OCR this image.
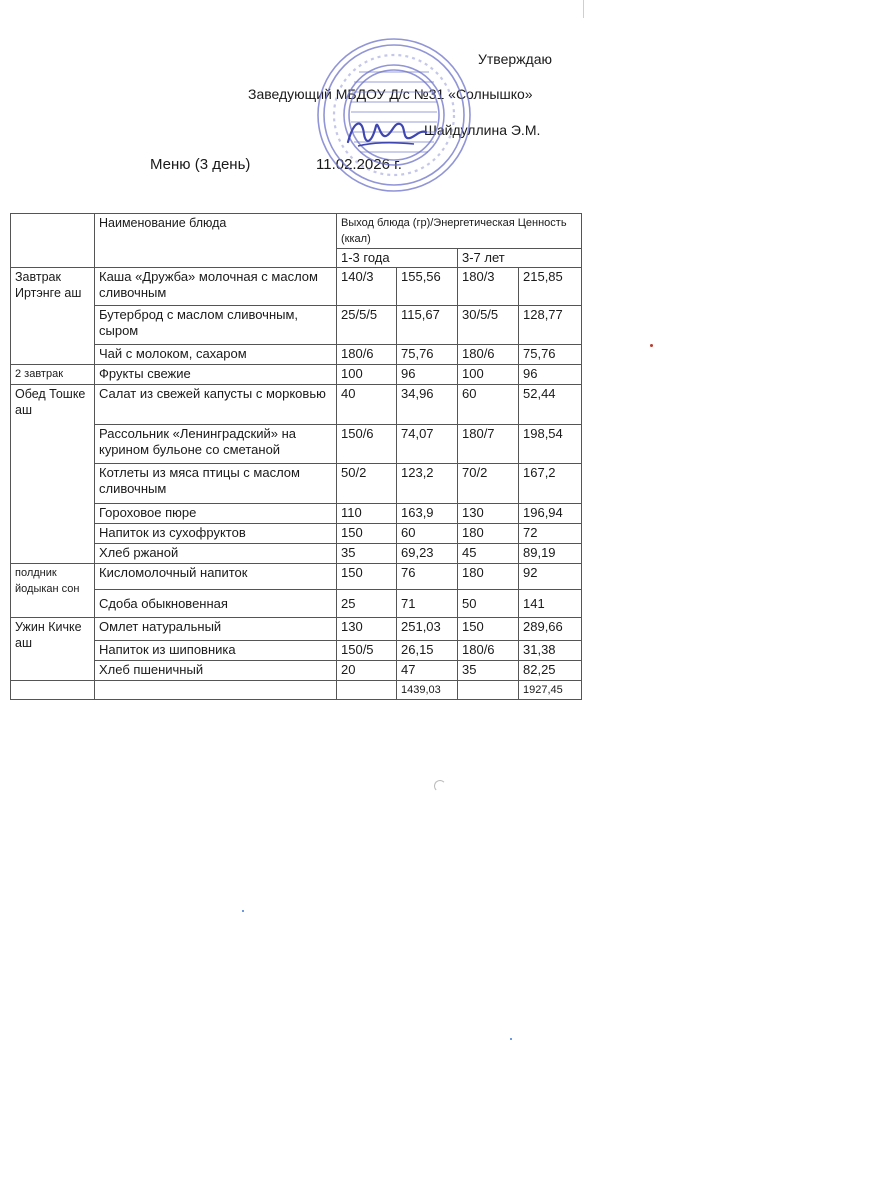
Утверждаю
Заведующий МБДОУ Д/с №31 «Солнышко»
Шайдуллина Э.М.
Меню (3 день)	11.02.2026 г.
	Наименование блюда	Выход блюда (гр)/Энергетическая Ценность (ккал)			
		1-3 года		3-7 лет	
Завтрак Иртэнге аш	Каша «Дружба» молочная с маслом сливочным	140/3	155,56	180/3	215,85
	Бутерброд с маслом сливочным, сыром	25/5/5	115,67	30/5/5	128,77
	Чай с молоком, сахаром	180/6	75,76	180/6	75,76
2 завтрак	Фрукты свежие	100	96	100	96
Обед Тошке аш	Салат из свежей капусты с морковью	40	34,96	60	52,44
	Рассольник «Ленинградский» на курином бульоне со сметаной	150/6	74,07	180/7	198,54
	Котлеты из мяса птицы с маслом сливочным	50/2	123,2	70/2	167,2
	Гороховое пюре	110	163,9	130	196,94
	Напиток из сухофруктов	150	60	180	72
	Хлеб ржаной	35	69,23	45	89,19
полдник йодыкан сон	Кисломолочный напиток	150	76	180	92
	Сдоба обыкновенная	25	71	50	141
Ужин Кичке аш	Омлет натуральный	130	251,03	150	289,66
	Напиток из шиповника	150/5	26,15	180/6	31,38
	Хлеб пшеничный	20	47	35	82,25
			1439,03		1927,45
